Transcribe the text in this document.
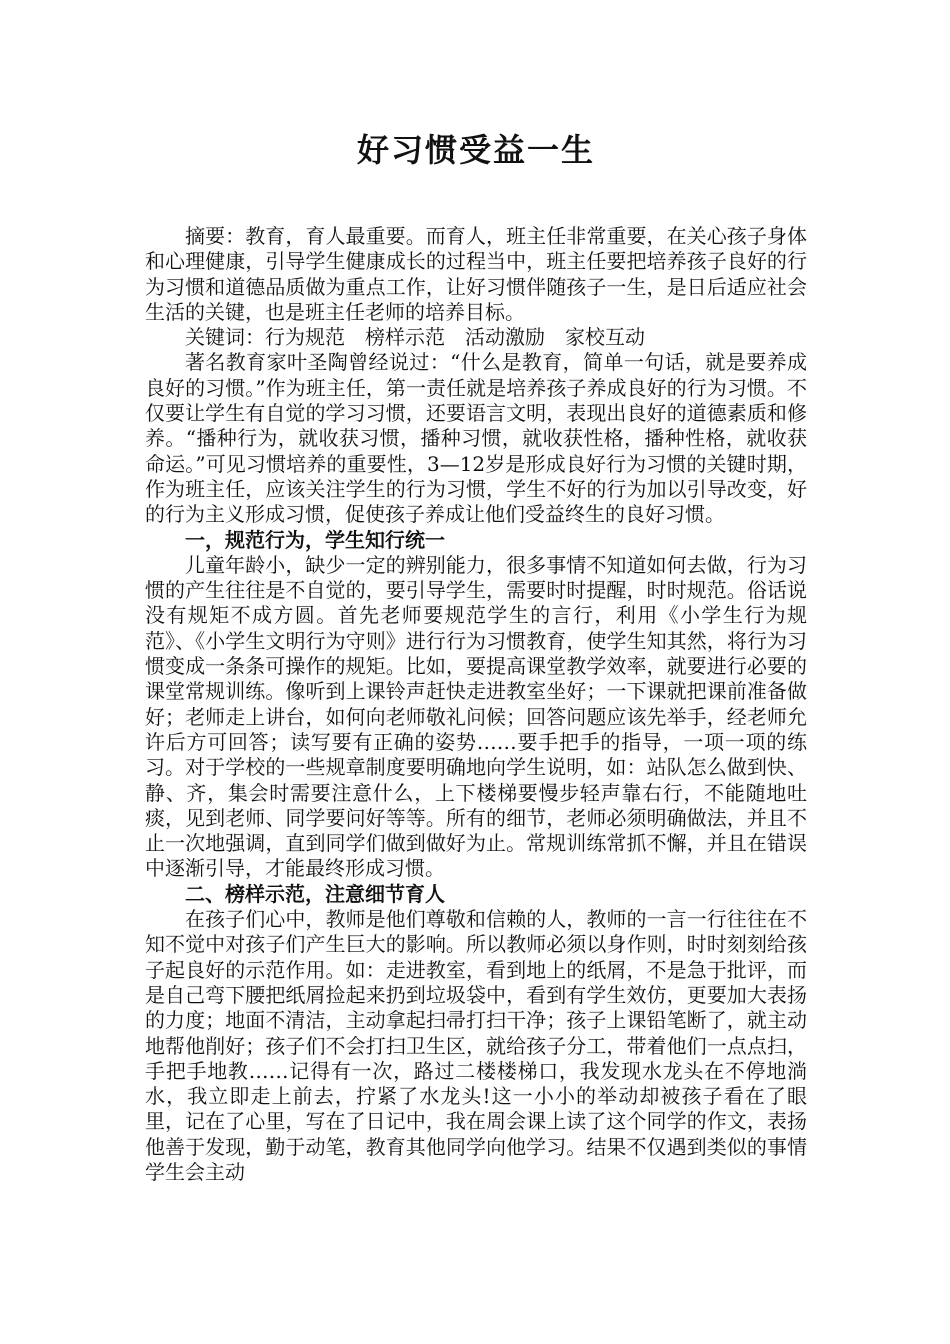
好习惯受益一生

摘要：教育，育人最重要。而育人，班主任非常重要，在关心孩子身体和心理健康，引导学生健康成长的过程当中，班主任要把培养孩子良好的行为习惯和道德品质做为重点工作，让好习惯伴随孩子一生，是日后适应社会生活的关键，也是班主任老师的培养目标。

关键词：行为规范　榜样示范　活动激励　家校互动

著名教育家叶圣陶曾经说过：“什么是教育，简单一句话，就是要养成良好的习惯。”作为班主任，第一责任就是培养孩子养成良好的行为习惯。不仅要让学生有自觉的学习习惯，还要语言文明，表现出良好的道德素质和修养。“播种行为，就收获习惯，播种习惯，就收获性格，播种性格，就收获命运。”可见习惯培养的重要性，3—12岁是形成良好行为习惯的关键时期，作为班主任，应该关注学生的行为习惯，学生不好的行为加以引导改变，好的行为主义形成习惯，促使孩子养成让他们受益终生的良好习惯。

一，规范行为，学生知行统一

儿童年龄小，缺少一定的辨别能力，很多事情不知道如何去做，行为习惯的产生往往是不自觉的，要引导学生，需要时时提醒，时时规范。俗话说没有规矩不成方圆。首先老师要规范学生的言行，利用《小学生行为规范》、《小学生文明行为守则》进行行为习惯教育，使学生知其然，将行为习惯变成一条条可操作的规矩。比如，要提高课堂教学效率，就要进行必要的课堂常规训练。像听到上课铃声赶快走进教室坐好；一下课就把课前准备做好；老师走上讲台，如何向老师敬礼问候；回答问题应该先举手，经老师允许后方可回答；读写要有正确的姿势……要手把手的指导，一项一项的练习。对于学校的一些规章制度要明确地向学生说明，如：站队怎么做到快、静、齐，集会时需要注意什么，上下楼梯要慢步轻声靠右行，不能随地吐痰，见到老师、同学要问好等等。所有的细节，老师必须明确做法，并且不止一次地强调，直到同学们做到做好为止。常规训练常抓不懈，并且在错误中逐渐引导，才能最终形成习惯。

二、榜样示范，注意细节育人

在孩子们心中，教师是他们尊敬和信赖的人，教师的一言一行往往在不知不觉中对孩子们产生巨大的影响。所以教师必须以身作则，时时刻刻给孩子起良好的示范作用。如：走进教室，看到地上的纸屑，不是急于批评，而是自己弯下腰把纸屑捡起来扔到垃圾袋中，看到有学生效仿，更要加大表扬的力度；地面不清洁，主动拿起扫帚打扫干净；孩子上课铅笔断了，就主动地帮他削好；孩子们不会打扫卫生区，就给孩子分工，带着他们一点点扫，手把手地教……记得有一次，路过二楼楼梯口，我发现水龙头在不停地淌水，我立即走上前去，拧紧了水龙头!这一小小的举动却被孩子看在了眼里，记在了心里，写在了日记中，我在周会课上读了这个同学的作文，表扬他善于发现，勤于动笔，教育其他同学向他学习。结果不仅遇到类似的事情学生会主动
